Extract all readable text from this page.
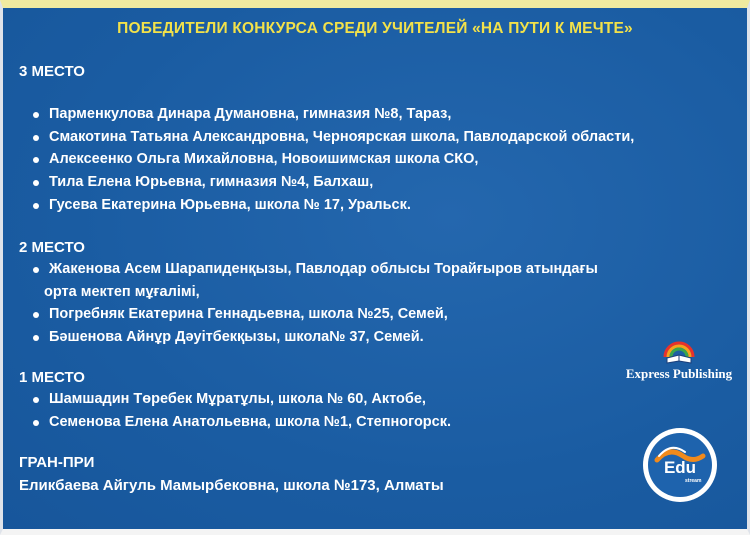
ПОБЕДИТЕЛИ КОНКУРСА СРЕДИ УЧИТЕЛЕЙ «НА ПУТИ К МЕЧТЕ»
3 МЕСТО
Парменкулова Динара Думановна, гимназия №8, Тараз,
Смакотина Татьяна Александровна, Черноярская школа, Павлодарской области,
Алексеенко Ольга Михайловна, Новоишимская школа СКО,
Тила Елена Юрьевна, гимназия №4, Балхаш,
Гусева Екатерина Юрьевна, школа № 17, Уральск.
2 МЕСТО
Жакенова Асем Шарапиденқызы, Павлодар облысы Торайғыров атындағы
орта мектеп мұғалімі,
Погребняк Екатерина Геннадьевна, школа №25, Семей,
Бәшенова Айнұр Дәуітбекқызы, школа№ 37, Семей.
1 МЕСТО
Шамшадин Төребек Мұратұлы, школа № 60, Актобе,
Семенова Елена Анатольевна, школа №1, Степногорск.
ГРАН-ПРИ
Еликбаева Айгуль Мамырбековна, школа №173, Алматы
Express Publishing
Edu
stream
